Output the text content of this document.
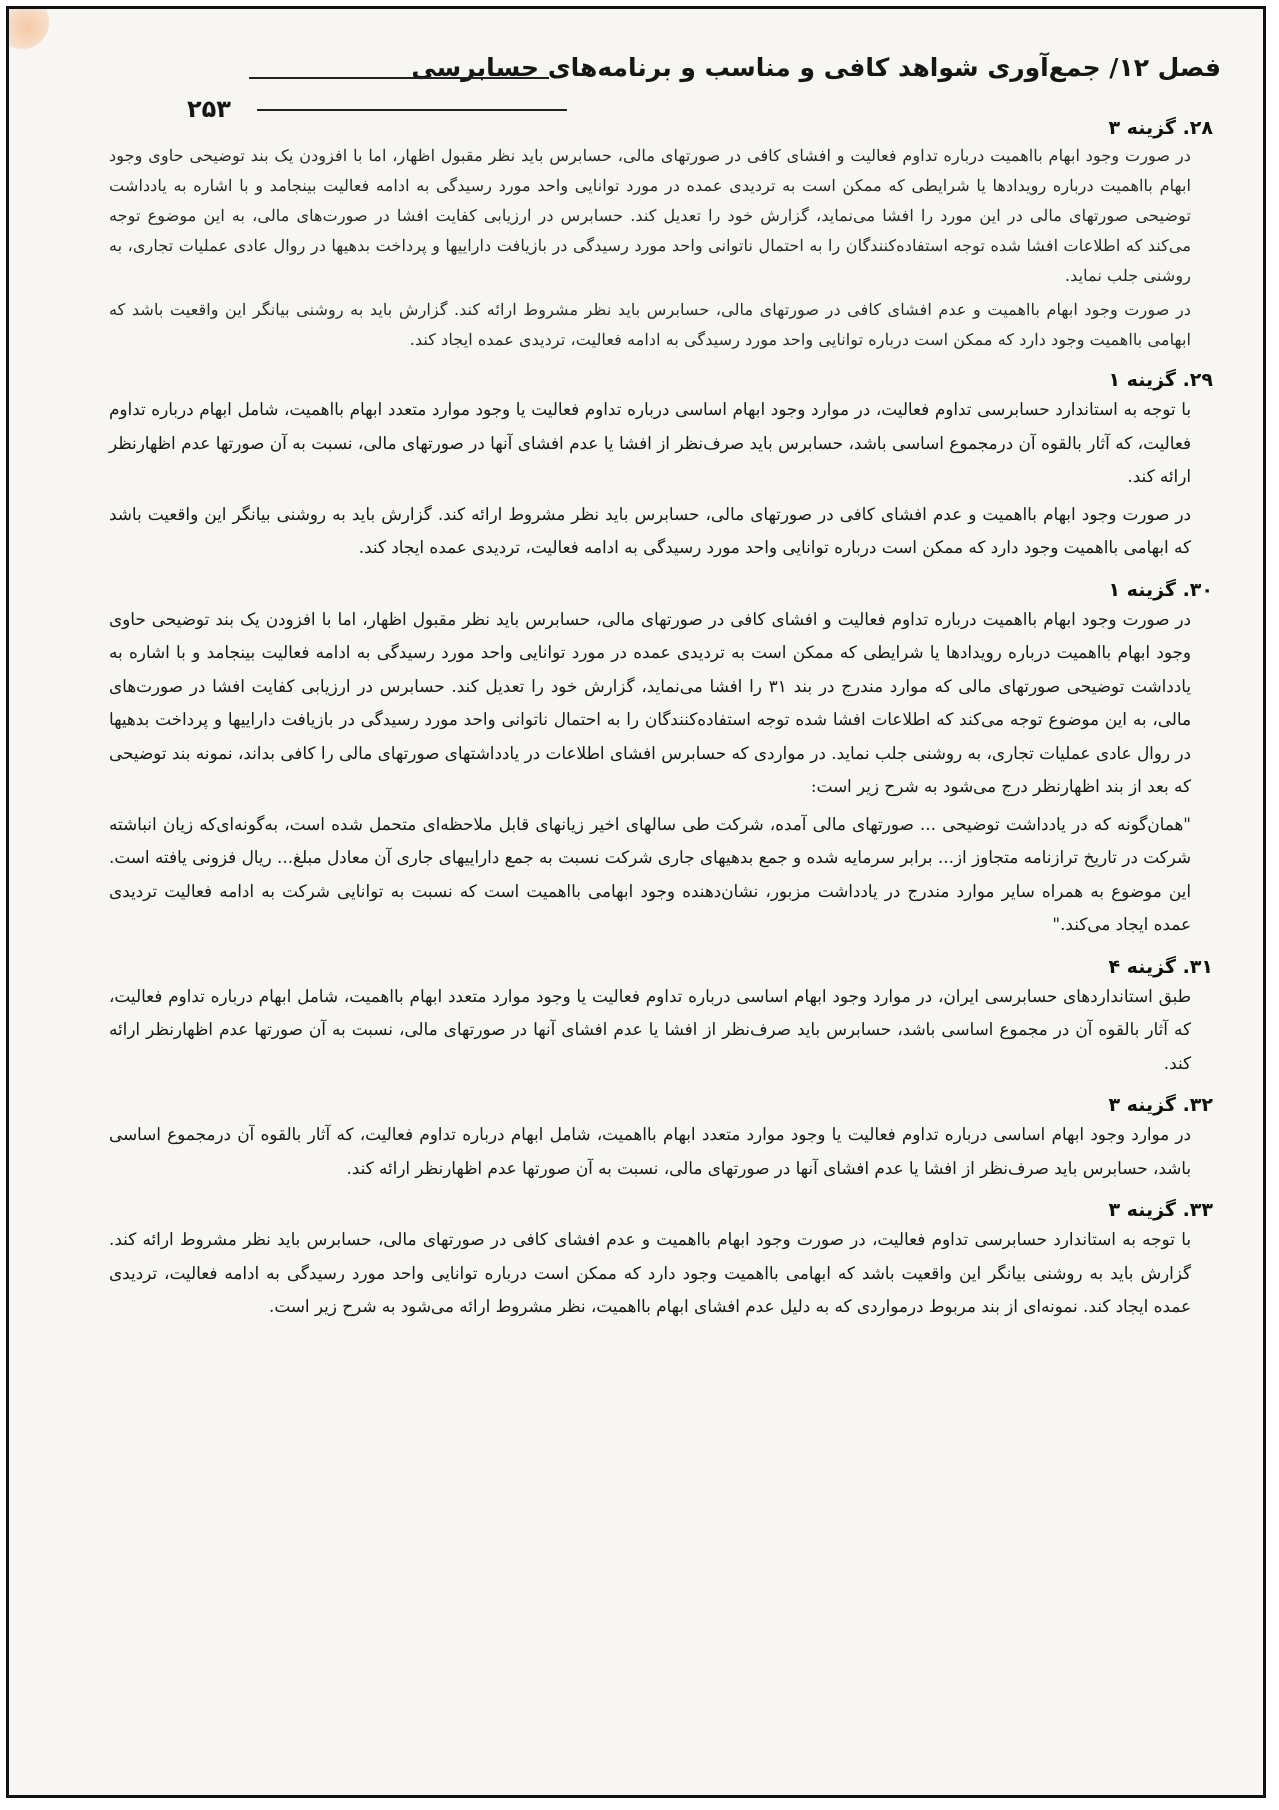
فصل ۱۲/ جمع‌آوری شواهد کافی و مناسب و برنامه‌های حسابرسی
۲۵۳
۲۸. گزینه ۳

در صورت وجود ابهام بااهمیت درباره تداوم فعالیت و افشای کافی در صورتهای مالی، حسابرس باید نظر مقبول اظهار، اما با افزودن یک بند توضیحی حاوی وجود ابهام بااهمیت درباره رویدادها یا شرایطی که ممکن است به تردیدی عمده در مورد توانایی واحد مورد رسیدگی به ادامه فعالیت بینجامد و با اشاره به یادداشت توضیحی صورتهای مالی در این مورد را افشا می‌نماید، گزارش خود را تعدیل کند. حسابرس در ارزیابی کفایت افشا در صورت‌های مالی، به این موضوع توجه می‌کند که اطلاعات افشا شده توجه استفاده‌کنندگان را به احتمال ناتوانی واحد مورد رسیدگی در بازیافت داراییها و پرداخت بدهیها در روال عادی عملیات تجاری، به روشنی جلب نماید.

در صورت وجود ابهام بااهمیت و عدم افشای کافی در صورتهای مالی، حسابرس باید نظر مشروط ارائه کند. گزارش باید به روشنی بیانگر این واقعیت باشد که ابهامی بااهمیت وجود دارد که ممکن است درباره توانایی واحد مورد رسیدگی به ادامه فعالیت، تردیدی عمده ایجاد کند.

۲۹. گزینه ۱

با توجه به استاندارد حسابرسی تداوم فعالیت، در موارد وجود ابهام اساسی درباره تداوم فعالیت یا وجود موارد متعدد ابهام بااهمیت، شامل ابهام درباره تداوم فعالیت، که آثار بالقوه آن درمجموع اساسی باشد، حسابرس باید صرف‌نظر از افشا یا عدم افشای آنها در صورتهای مالی، نسبت به آن صورتها عدم اظهارنظر ارائه کند.

در صورت وجود ابهام بااهمیت و عدم افشای کافی در صورتهای مالی، حسابرس باید نظر مشروط ارائه کند. گزارش باید به روشنی بیانگر این واقعیت باشد که ابهامی بااهمیت وجود دارد که ممکن است درباره توانایی واحد مورد رسیدگی به ادامه فعالیت، تردیدی عمده ایجاد کند.

۳۰. گزینه ۱

در صورت وجود ابهام بااهمیت درباره تداوم فعالیت و افشای کافی در صورتهای مالی، حسابرس باید نظر مقبول اظهار، اما با افزودن یک بند توضیحی حاوی وجود ابهام بااهمیت درباره رویدادها یا شرایطی که ممکن است به تردیدی عمده در مورد توانایی واحد مورد رسیدگی به ادامه فعالیت بینجامد و با اشاره به یادداشت توضیحی صورتهای مالی که موارد مندرج در بند ۳۱ را افشا می‌نماید، گزارش خود را تعدیل کند. حسابرس در ارزیابی کفایت افشا در صورت‌های مالی، به این موضوع توجه می‌کند که اطلاعات افشا شده توجه استفاده‌کنندگان را به احتمال ناتوانی واحد مورد رسیدگی در بازیافت داراییها و پرداخت بدهیها در روال عادی عملیات تجاری، به روشنی جلب نماید. در مواردی که حسابرس افشای اطلاعات در یادداشتهای صورتهای مالی را کافی بداند، نمونه بند توضیحی که بعد از بند اظهارنظر درج می‌شود به شرح زیر است:

"همان‌گونه که در یادداشت توضیحی ... صورتهای مالی آمده، شرکت طی سالهای اخیر زیانهای قابل ملاحظه‌ای متحمل شده است، به‌گونه‌ای‌که زیان انباشته شرکت در تاریخ ترازنامه متجاوز از... برابر سرمایه شده و جمع بدهیهای جاری شرکت نسبت به جمع داراییهای جاری آن معادل مبلغ... ریال فزونی یافته است. این موضوع به همراه سایر موارد مندرج در یادداشت مزبور، نشان‌دهنده وجود ابهامی بااهمیت است که نسبت به توانایی شرکت به ادامه فعالیت تردیدی عمده ایجاد می‌کند."

۳۱. گزینه ۴

طبق استانداردهای حسابرسی ایران، در موارد وجود ابهام اساسی درباره تداوم فعالیت یا وجود موارد متعدد ابهام بااهمیت، شامل ابهام درباره تداوم فعالیت، که آثار بالقوه آن در مجموع اساسی باشد، حسابرس باید صرف‌نظر از افشا یا عدم افشای آنها در صورتهای مالی، نسبت به آن صورتها عدم اظهارنظر ارائه کند.

۳۲. گزینه ۳

در موارد وجود ابهام اساسی درباره تداوم فعالیت یا وجود موارد متعدد ابهام بااهمیت، شامل ابهام درباره تداوم فعالیت، که آثار بالقوه آن درمجموع اساسی باشد، حسابرس باید صرف‌نظر از افشا یا عدم افشای آنها در صورتهای مالی، نسبت به آن صورتها عدم اظهارنظر ارائه کند.

۳۳. گزینه ۳

با توجه به استاندارد حسابرسی تداوم فعالیت، در صورت وجود ابهام بااهمیت و عدم افشای کافی در صورتهای مالی، حسابرس باید نظر مشروط ارائه کند. گزارش باید به روشنی بیانگر این واقعیت باشد که ابهامی بااهمیت وجود دارد که ممکن است درباره توانایی واحد مورد رسیدگی به ادامه فعالیت، تردیدی عمده ایجاد کند. نمونه‌ای از بند مربوط درمواردی که به دلیل عدم افشای ابهام بااهمیت، نظر مشروط ارائه می‌شود به شرح زیر است.
